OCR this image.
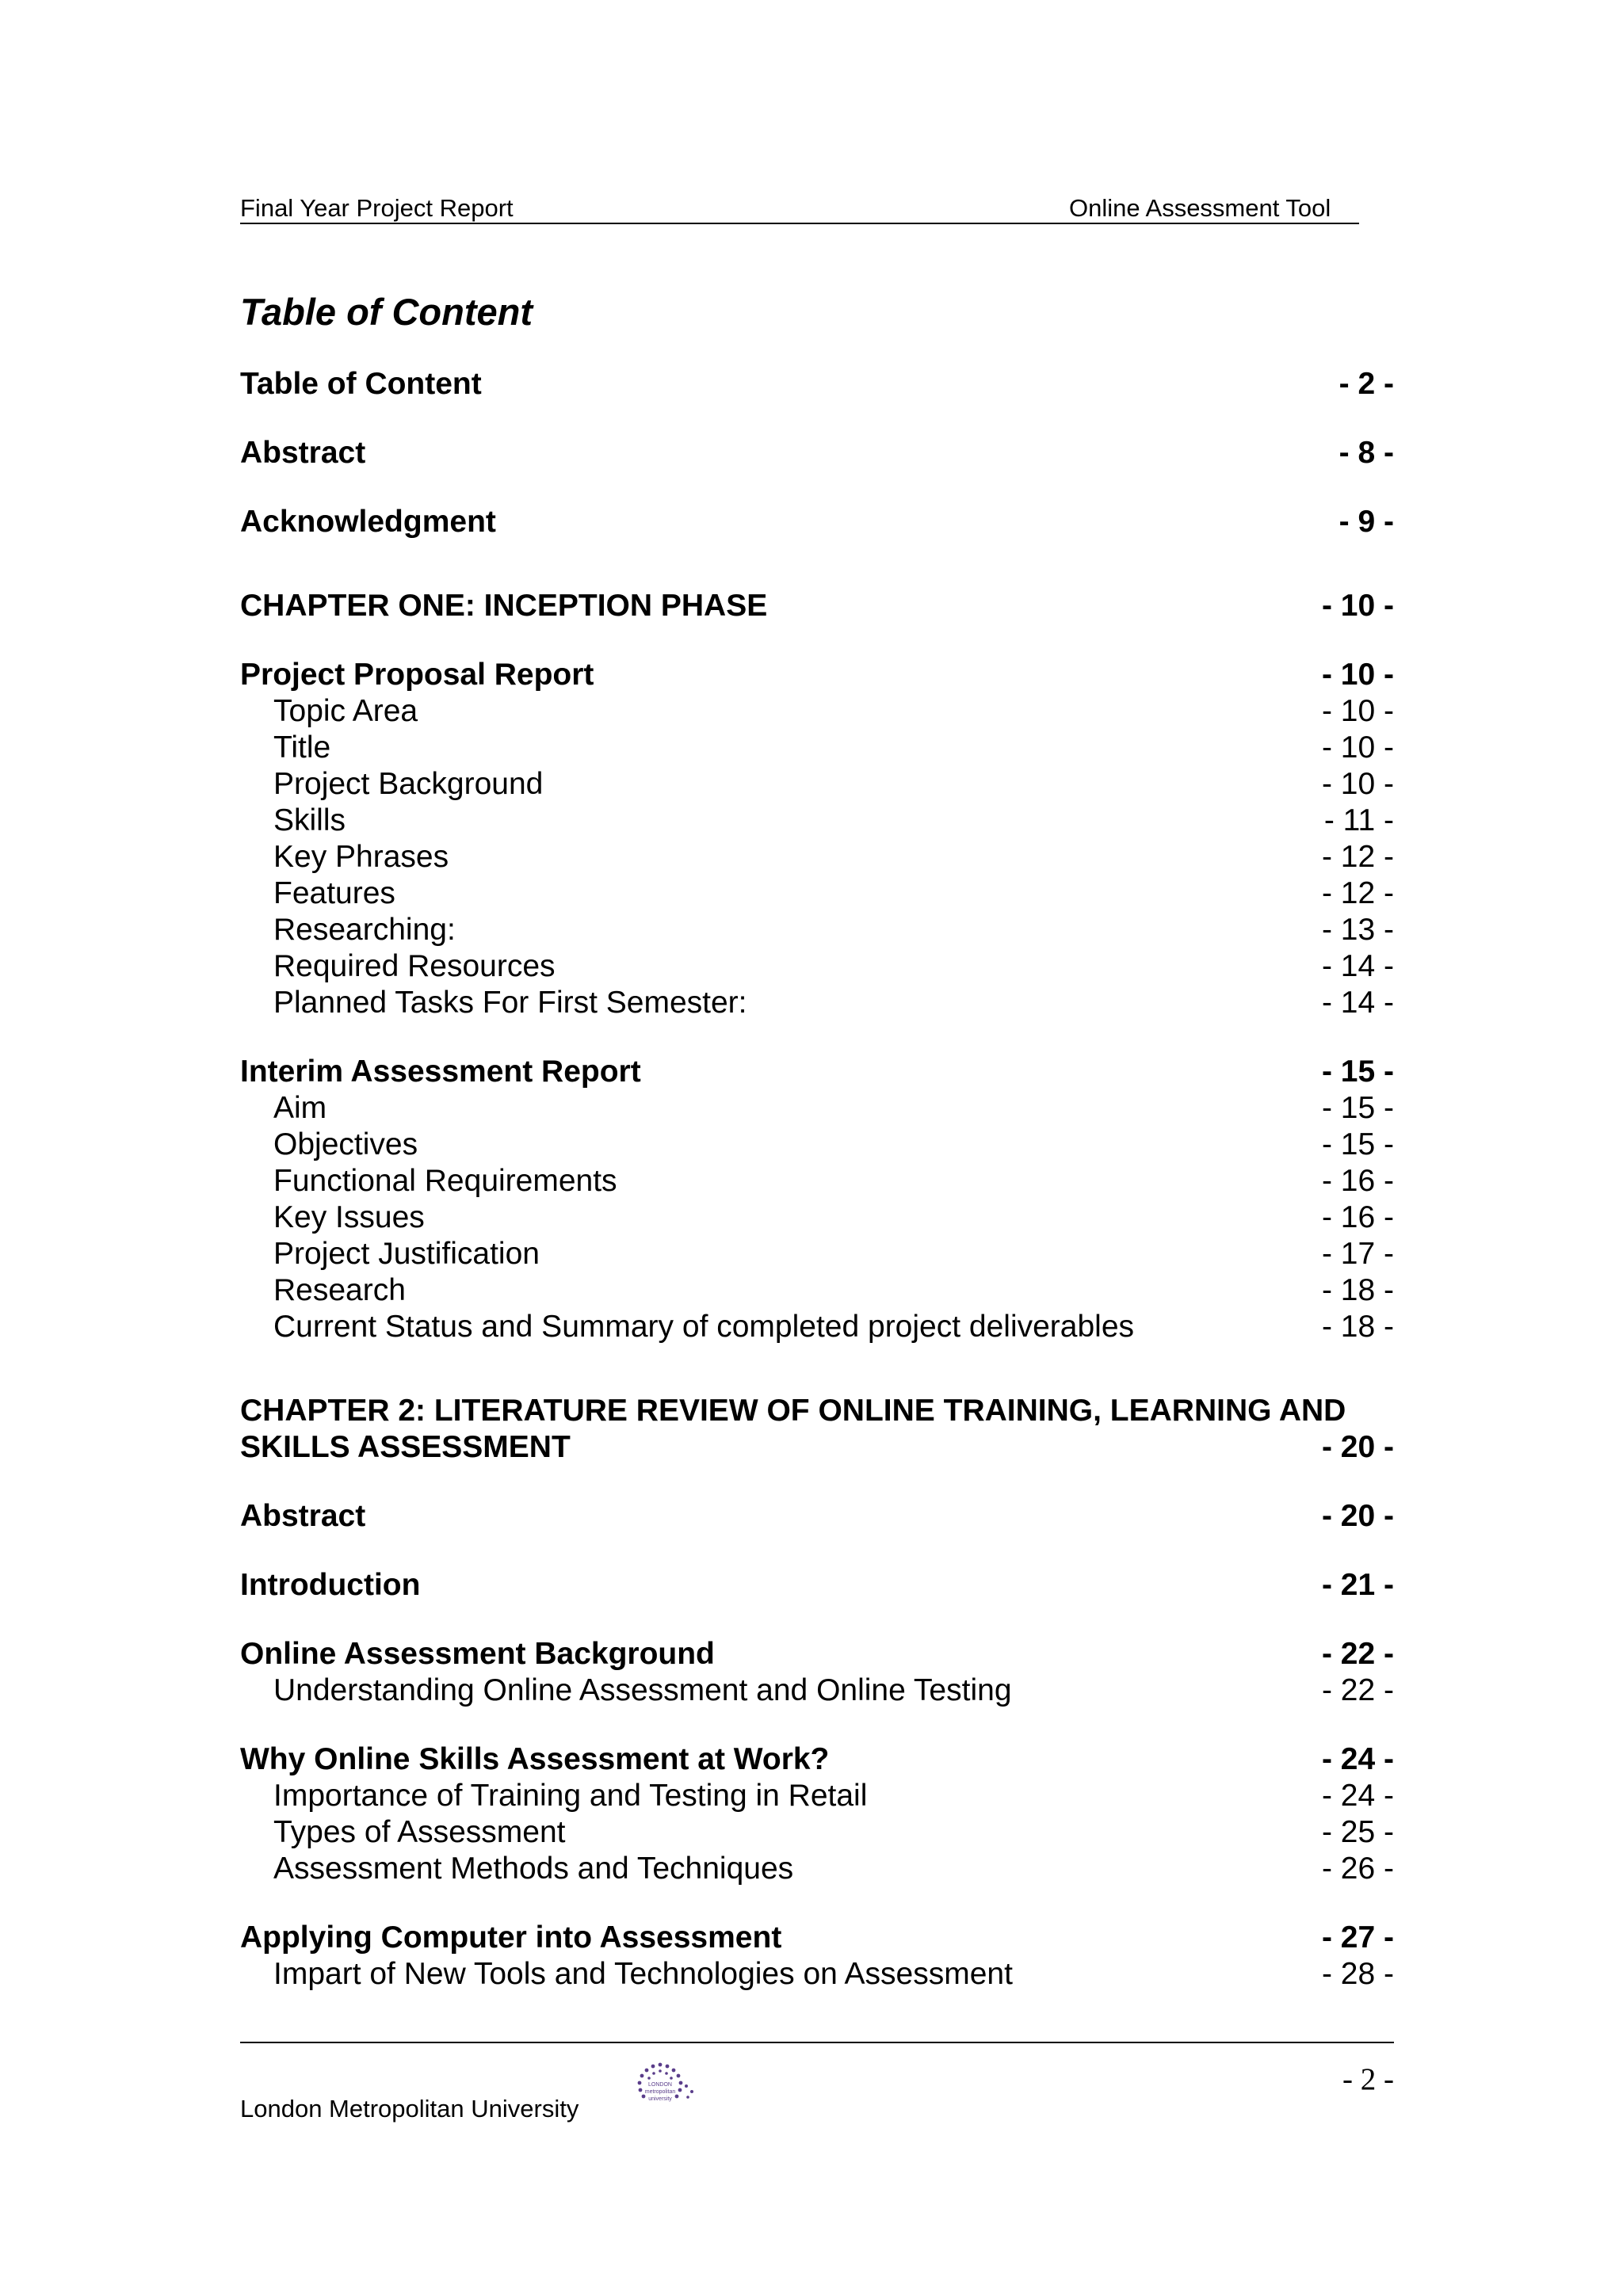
Final Year Project Report	Online Assessment Tool
Table of Content
Table of Content	- 2 -
Abstract	- 8 -
Acknowledgment	- 9 -
CHAPTER ONE: INCEPTION PHASE	- 10 -
Project Proposal Report	- 10 -
Topic Area	- 10 -
Title	- 10 -
Project Background	- 10 -
Skills	- 11 -
Key Phrases	- 12 -
Features	- 12 -
Researching:	- 13 -
Required Resources	- 14 -
Planned Tasks For First Semester:	- 14 -
Interim Assessment Report	- 15 -
Aim	- 15 -
Objectives	- 15 -
Functional Requirements	- 16 -
Key Issues	- 16 -
Project Justification	- 17 -
Research	- 18 -
Current Status and Summary of completed project deliverables	- 18 -
CHAPTER 2: LITERATURE REVIEW OF ONLINE TRAINING, LEARNING AND
SKILLS ASSESSMENT	- 20 -
Abstract	- 20 -
Introduction	- 21 -
Online Assessment Background	- 22 -
Understanding Online Assessment and Online Testing	- 22 -
Why Online Skills Assessment at Work?	- 24 -
Importance of Training and Testing in Retail	- 24 -
Types of Assessment	- 25 -
Assessment Methods and Techniques	- 26 -
Applying Computer into Assessment	- 27 -
Impart of New Tools and Technologies on Assessment	- 28 -
London Metropolitan University
LONDON
metropolitan
university
- 2 -
